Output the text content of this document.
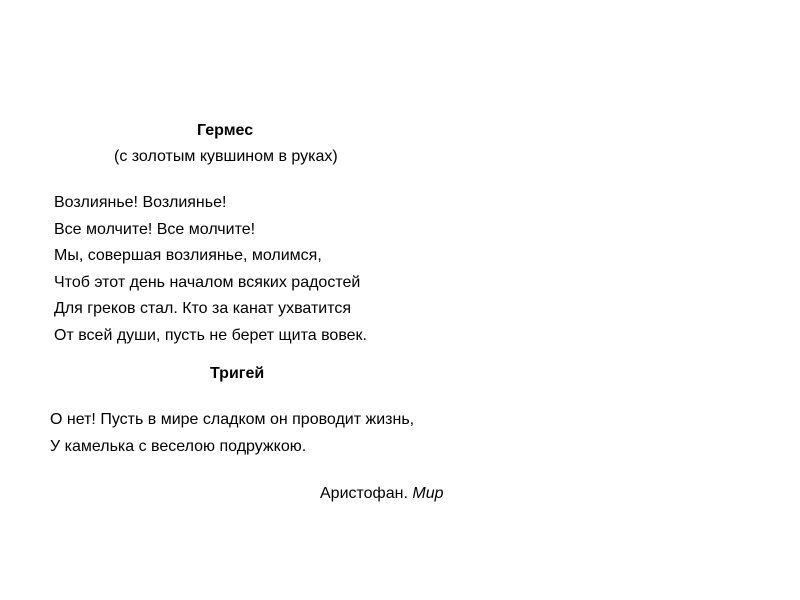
Гермес
(с золотым кувшином в руках)
Возлиянье! Возлиянье!
Все молчите! Все молчите!
Мы, совершая возлиянье, молимся,
Чтоб этот день началом всяких радостей
Для греков стал. Кто за канат ухватится
От всей души, пусть не берет щита вовек.
Тригей
О нет! Пусть в мире сладком он проводит жизнь,
У камелька с веселою подружкою.
Аристофан. Мир
